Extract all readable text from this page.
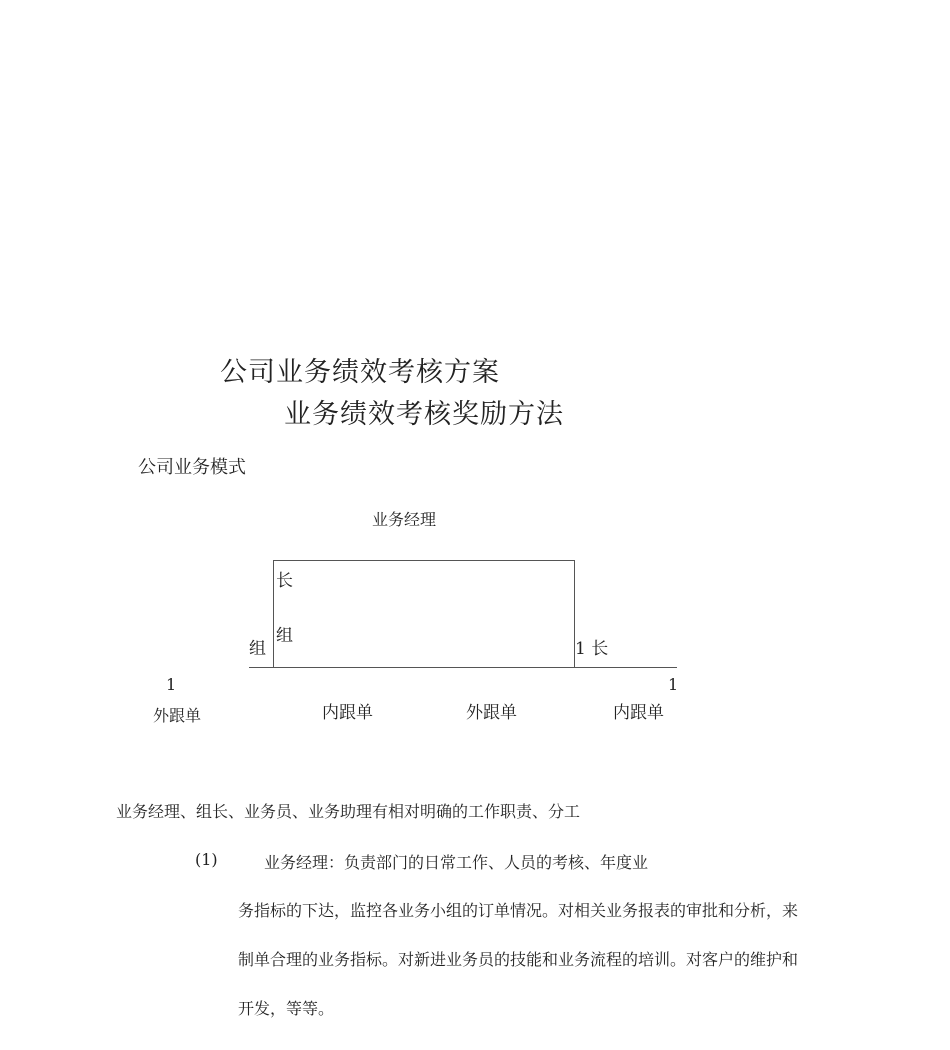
公司业务绩效考核方案
业务绩效考核奖励方法
公司业务模式
业务经理
长
组
组	1 长
1	1
外跟单	内跟单	外跟单	内跟单
业务经理、组长、业务员、业务助理有相对明确的工作职责、分工
(1)	业务经理：负责部门的日常工作、人员的考核、年度业
务指标的下达，监控各业务小组的订单情况。对相关业务报表的审批和分析，来
制单合理的业务指标。对新进业务员的技能和业务流程的培训。对客户的维护和
开发，等等。
